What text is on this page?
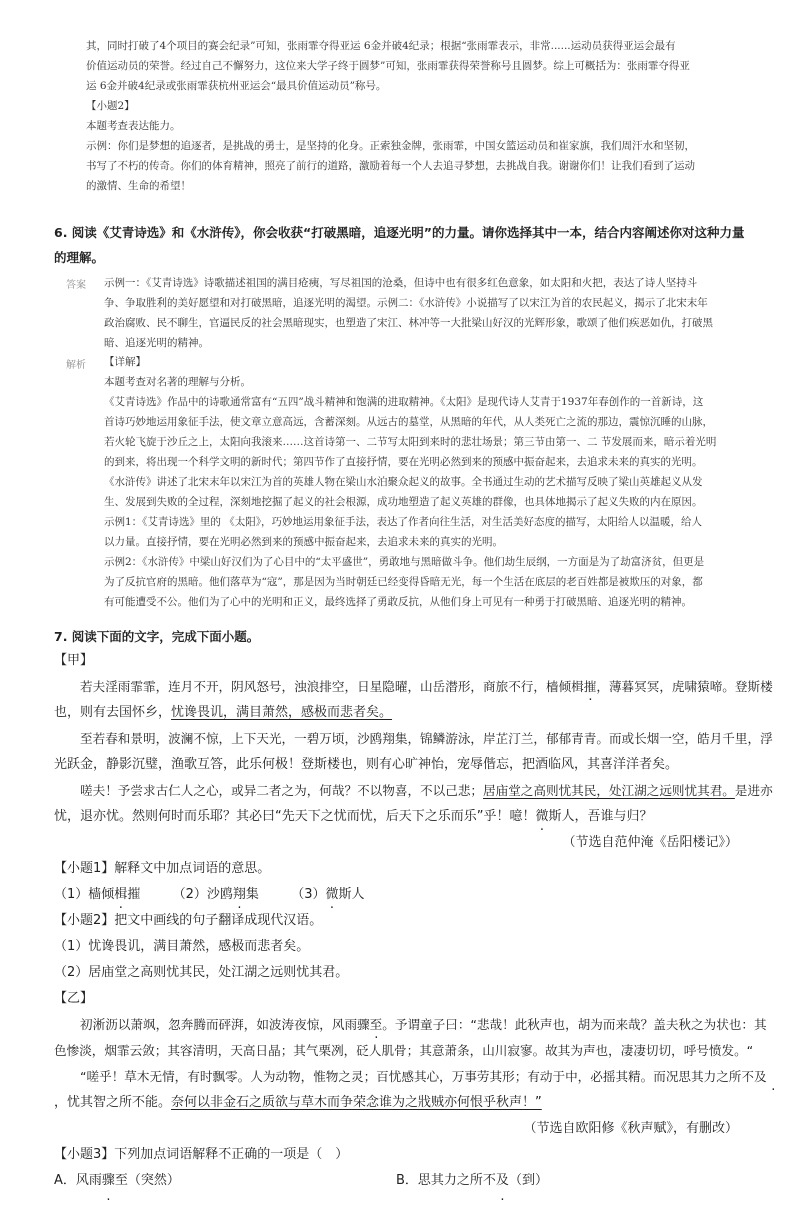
其，同时打破了4个项目的赛会纪录”可知，张雨霏夺得亚运 6金并破4纪录；根据“张雨霏表示，非常......运动员获得亚运会最有
价值运动员的荣誉。经过自己不懈努力，这位来大学子终于圆梦”可知，张雨霏获得荣誉称号且圆梦。综上可概括为：张雨霏夺得亚
运 6金并破4纪录或张雨霏获杭州亚运会“最具价值运动员”称号。
【小题2】
本题考查表达能力。
示例：你们是梦想的追逐者，是挑战的勇士，是坚持的化身。正索独金牌，张雨霏，中国女篮运动员和崔家旗，我们周汗水和坚韧，
书写了不朽的传奇。你们的体育精神，照亮了前行的道路，激励着每一个人去追寻梦想，去挑战自我。谢谢你们！让我们看到了运动
的激情、生命的希望！
6. 阅读《艾青诗选》和《水浒传》，你会收获“打破黑暗，追逐光明”的力量。请你选择其中一本，结合内容阐述你对这种力量
的理解。
答案 示例一：《艾青诗选》诗歌描述祖国的满目疮痍，写尽祖国的沧桑，但诗中也有很多红色意象，如太阳和火把，表达了诗人坚持斗
争、争取胜利的美好愿望和对打破黑暗，追逐光明的渴望。示例二：《水浒传》小说描写了以宋江为首的农民起义，揭示了北宋末年
政治腐败、民不聊生，官逼民反的社会黑暗现实，也塑造了宋江、林冲等一大批梁山好汉的光辉形象，歌颂了他们疾恶如仇，打破黑
暗、追逐光明的精神。
解析 【详解】
本题考查对名著的理解与分析。
《艾青诗选》作品中的诗歌通常富有“五四”战斗精神和饱满的进取精神。《太阳》是现代诗人艾青于1937年春创作的一首新诗，这
首诗巧妙地运用象征手法，使文章立意高远，含蓄深刻。从远古的墓堂，从黑暗的年代，从人类死亡之流的那边，震惊沉睡的山脉，
若火轮飞旋于沙丘之上，太阳向我滚来……这首诗第一、二节写太阳到来时的悲壮场景；第三节由第一、二 节发展而来，暗示着光明
的到来，将出现一个科学文明的新时代；第四节作了直接抒情，要在光明必然到来的预感中振奋起来，去追求未来的真实的光明。
《水浒传》讲述了北宋末年以宋江为首的英雄人物在梁山水泊聚众起义的故事。全书通过生动的艺术描写反映了梁山英雄起义从发
生、发展到失败的全过程，深刻地挖掘了起义的社会根源，成功地塑造了起义英雄的群像，也具体地揭示了起义失败的内在原因。
示例1：《艾青诗选》里的 《太阳》，巧妙地运用象征手法，表达了作者向往生活，对生活美好态度的描写，太阳给人以温暖，给人
以力量。直接抒情，要在光明必然到来的预感中振奋起来，去追求未来的真实的光明。
示例2：《水浒传》中梁山好汉们为了心目中的“太平盛世”，勇敢地与黑暗做斗争。他们劫生辰纲，一方面是为了劫富济贫，但更是
为了反抗官府的黑暗。他们落草为“寇”，那是因为当时朝廷已经变得昏暗无光，每一个生活在底层的老百姓都是被欺压的对象，都
有可能遭受不公。他们为了心中的光明和正义，最终选择了勇敢反抗，从他们身上可见有一种勇于打破黑暗、追逐光明的精神。
7. 阅读下面的文字，完成下面小题。
【甲】
若夫淫雨霏霏，连月不开，阴风怒号，浊浪排空，日星隐曜，山岳潜形，商旅不行，樯倾楫摧，薄暮冥冥，虎啸猿啼。登斯楼
也，则有去国怀乡，忧谗畏讥，满目萧然，感极而悲者矣。
至若春和景明，波澜不惊，上下天光，一碧万顷，沙鸥翔集，锦鳞游泳，岸芷汀兰，郁郁青青。而或长烟一空，皓月千里，浮
光跃金，静影沉璧，渔歌互答，此乐何极！登斯楼也，则有心旷神怡，宠辱偕忘，把酒临风，其喜洋洋者矣。
嗟夫！予尝求古仁人之心，或异二者之为，何哉？不以物喜，不以己悲；居庙堂之高则忧其民，处江湖之远则忧其君。是进亦
忧，退亦忧。然则何时而乐耶？其必曰“先天下之忧而忧，后天下之乐而乐”乎！噫！微斯人，吾谁与归？
（节选自范仲淹《岳阳楼记》）
【小题1】解释文中加点词语的意思。
（1）樯倾楫摧 （2）沙鸥翔集 （3）微斯人
【小题2】把文中画线的句子翻译成现代汉语。
（1）忧谗畏讥，满目萧然，感极而悲者矣。
（2）居庙堂之高则忧其民，处江湖之远则忧其君。
【乙】
初淅沥以萧飒，忽奔腾而砰湃，如波涛夜惊，风雨骤至。予谓童子曰：“悲哉！此秋声也，胡为而来哉？盖夫秋之为状也：其
色惨淡，烟霏云敛；其容清明，天高日晶；其气栗冽，砭人肌骨；其意萧条，山川寂寥。故其为声也，凄凄切切，呼号愤发。“
“嗟乎！草木无情，有时飘零。人为动物，惟物之灵；百忧感其心，万事劳其形；有动于中，必摇其精。而况思其力之所不及
，忧其智之所不能。奈何以非金石之质欲与草木而争荣念谁为之戕贼亦何恨乎秋声！”
（节选自欧阳修《秋声赋》，有删改）
【小题3】下列加点词语解释不正确的一项是（　）
A．风雨骤至（突然）	B．思其力之所不及（到）
